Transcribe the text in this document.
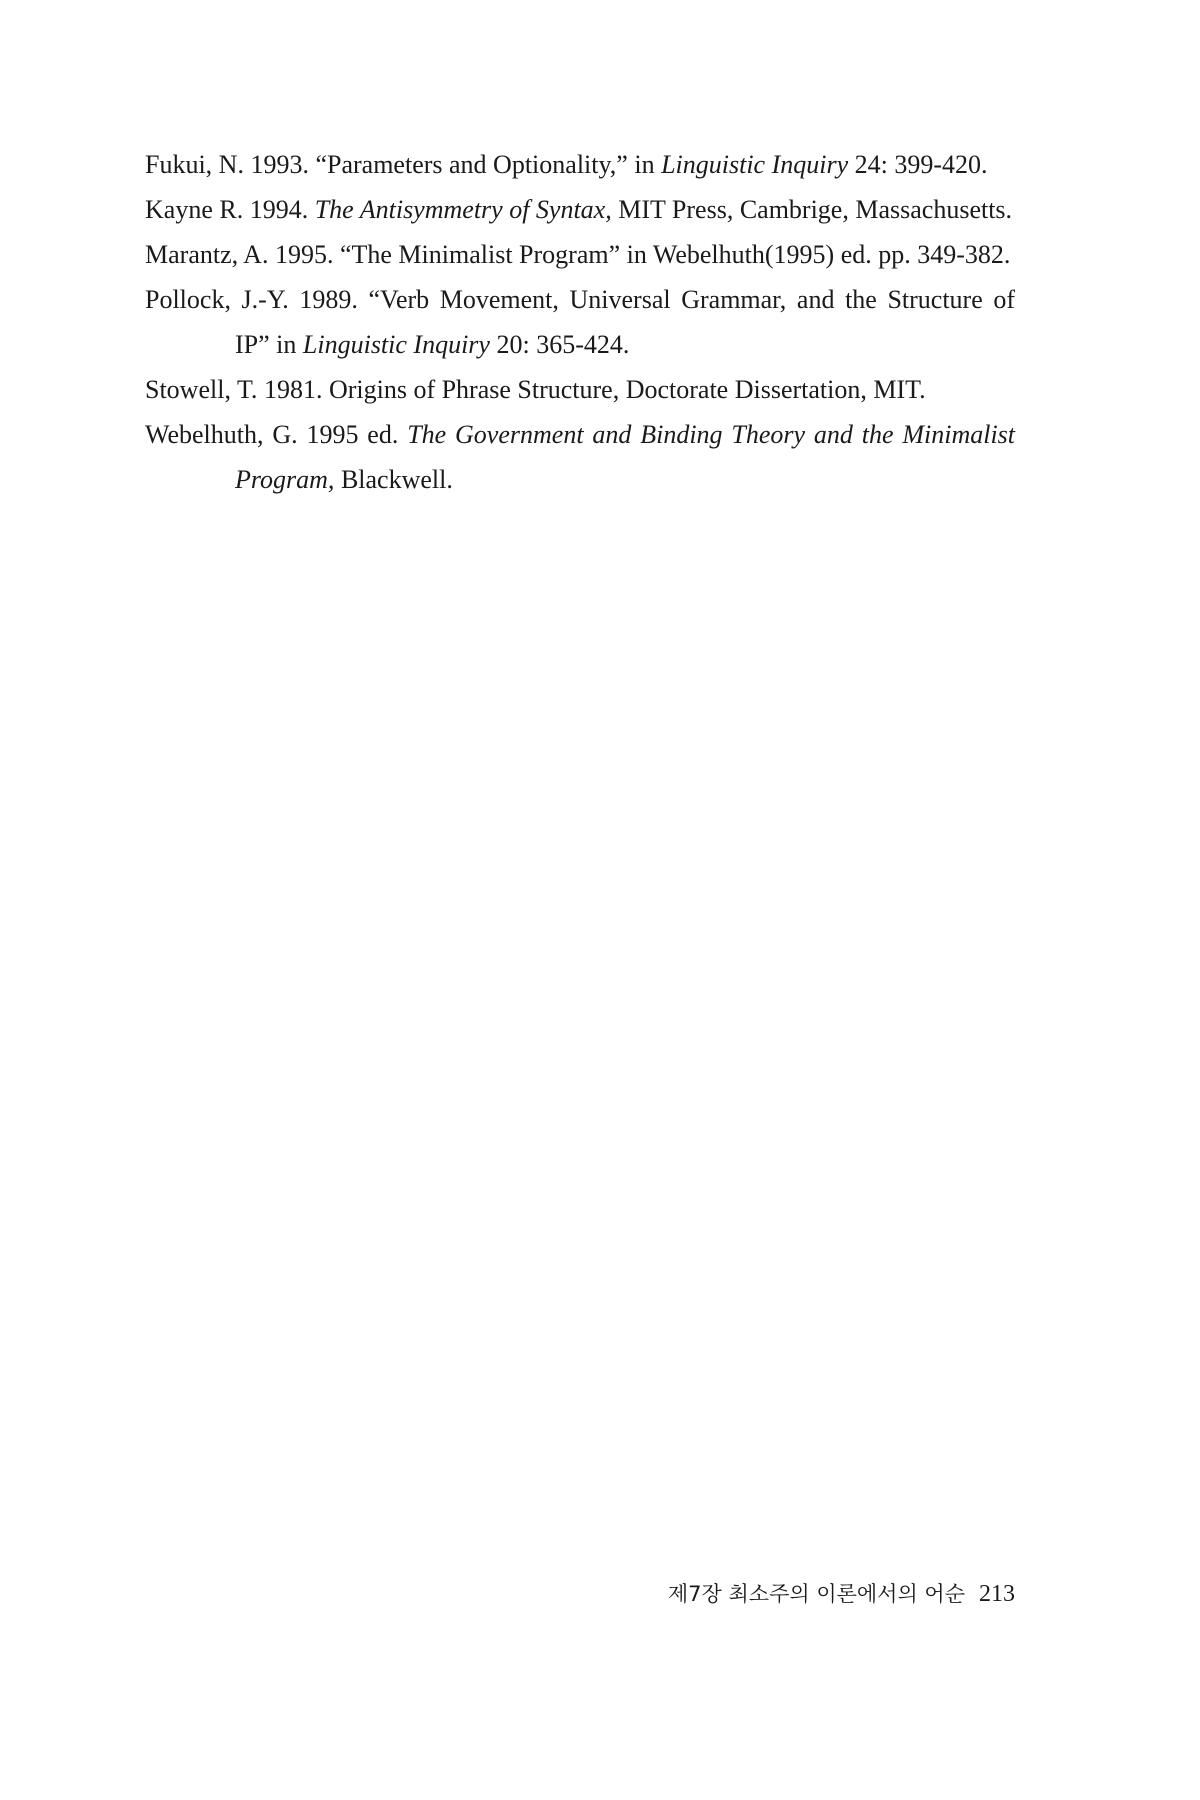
Fukui, N. 1993. “Parameters and Optionality,” in Linguistic Inquiry 24: 399-420.

Kayne R. 1994. The Antisymmetry of Syntax, MIT Press, Cambrige, Massachusetts.

Marantz, A. 1995. “The Minimalist Program” in Webelhuth(1995) ed. pp. 349-382.

Pollock, J.-Y. 1989. “Verb Movement, Universal Grammar, and the Structure of IP” in Linguistic Inquiry 20: 365-424.

Stowell, T. 1981. Origins of Phrase Structure, Doctorate Dissertation, MIT.

Webelhuth, G. 1995 ed. The Government and Binding Theory and the Minimalist Program, Blackwell.

제7장 최소주의 이론에서의 어순 213
